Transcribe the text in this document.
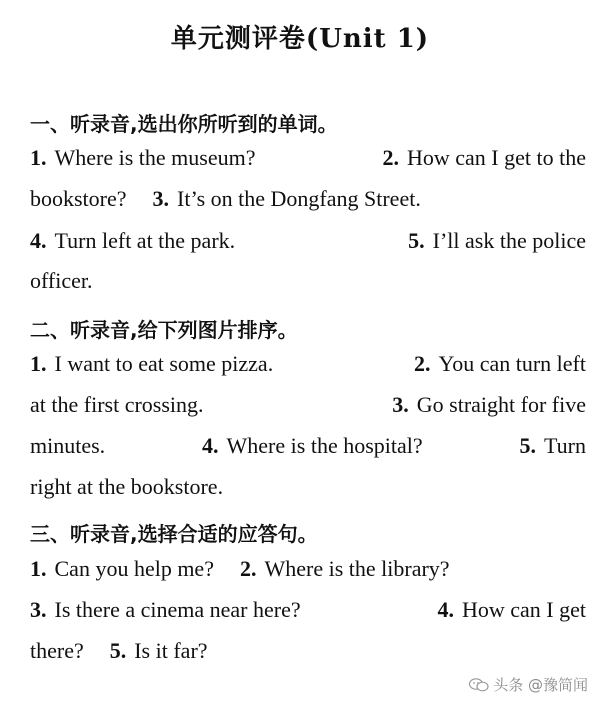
单元测评卷(Unit 1)
一、听录音,选出你所听到的单词。
1. Where is the museum?	2. How can I get to the
bookstore? 3. It’s on the Dongfang Street.
4. Turn left at the park.	5. I’ll ask the police
officer.
二、听录音,给下列图片排序。
1. I want to eat some pizza.	2. You can turn left
at the first crossing.	3. Go straight for five
minutes.	4. Where is the hospital?	5. Turn
right at the bookstore.
三、听录音,选择合适的应答句。
1. Can you help me? 2. Where is the library?
3. Is there a cinema near here?	4. How can I get
there? 5. Is it far?
头条 @豫简闻
